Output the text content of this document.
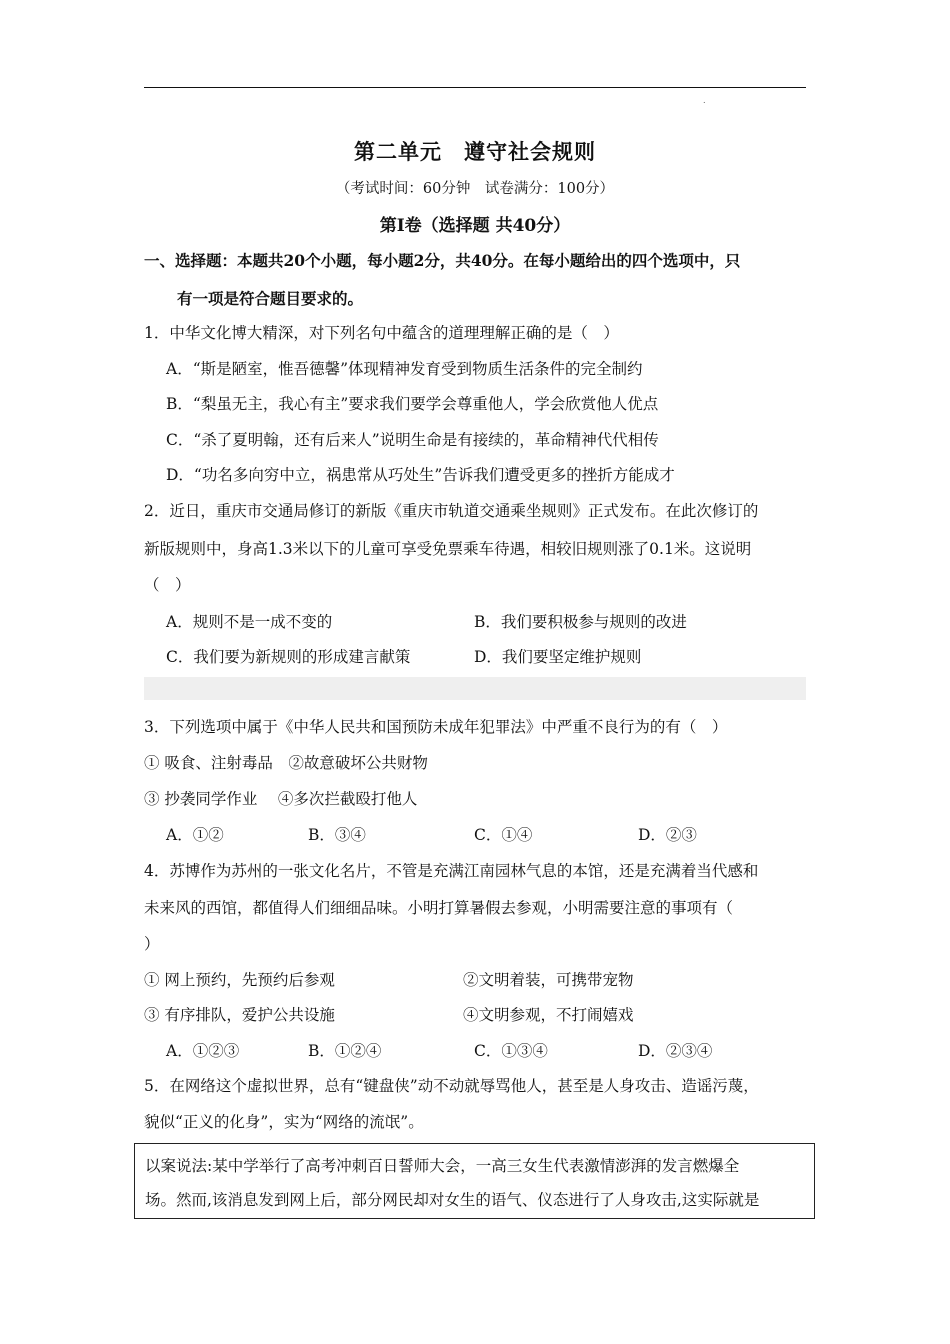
.
第二单元　遵守社会规则
（考试时间：60分钟　试卷满分：100分）
第Ⅰ卷（选择题 共40分）
一、选择题：本题共20个小题，每小题2分，共40分。在每小题给出的四个选项中，只
有一项是符合题目要求的。
1．中华文化博大精深，对下列名句中蕴含的道理理解正确的是（　）
A．“斯是陋室，惟吾德馨”体现精神发育受到物质生活条件的完全制约
B．“梨虽无主，我心有主”要求我们要学会尊重他人，学会欣赏他人优点
C．“杀了夏明翰，还有后来人”说明生命是有接续的，革命精神代代相传
D．“功名多向穷中立，祸患常从巧处生”告诉我们遭受更多的挫折方能成才
2．近日，重庆市交通局修订的新版《重庆市轨道交通乘坐规则》正式发布。在此次修订的
新版规则中，身高1.3米以下的儿童可享受免票乘车待遇，相较旧规则涨了0.1米。这说明
（　）
A．规则不是一成不变的	B．我们要积极参与规则的改进
C．我们要为新规则的形成建言献策	D．我们要坚定维护规则
3．下列选项中属于《中华人民共和国预防未成年犯罪法》中严重不良行为的有（　）
① 吸食、注射毒品　②故意破坏公共财物
③ 抄袭同学作业　 ④多次拦截殴打他人
A．①②	B．③④	C．①④	D．②③
4．苏博作为苏州的一张文化名片，不管是充满江南园林气息的本馆，还是充满着当代感和
未来风的西馆，都值得人们细细品味。小明打算暑假去参观，小明需要注意的事项有（
）
① 网上预约，先预约后参观	②文明着装，可携带宠物
③ 有序排队，爱护公共设施	④文明参观，不打闹嬉戏
A．①②③	B．①②④	C．①③④	D．②③④
5．在网络这个虚拟世界，总有“键盘侠”动不动就辱骂他人，甚至是人身攻击、造谣污蔑，
貌似“正义的化身”，实为“网络的流氓”。
以案说法:某中学举行了高考冲刺百日誓师大会，一高三女生代表激情澎湃的发言燃爆全
场。然而,该消息发到网上后，部分网民却对女生的语气、仪态进行了人身攻击,这实际就是
